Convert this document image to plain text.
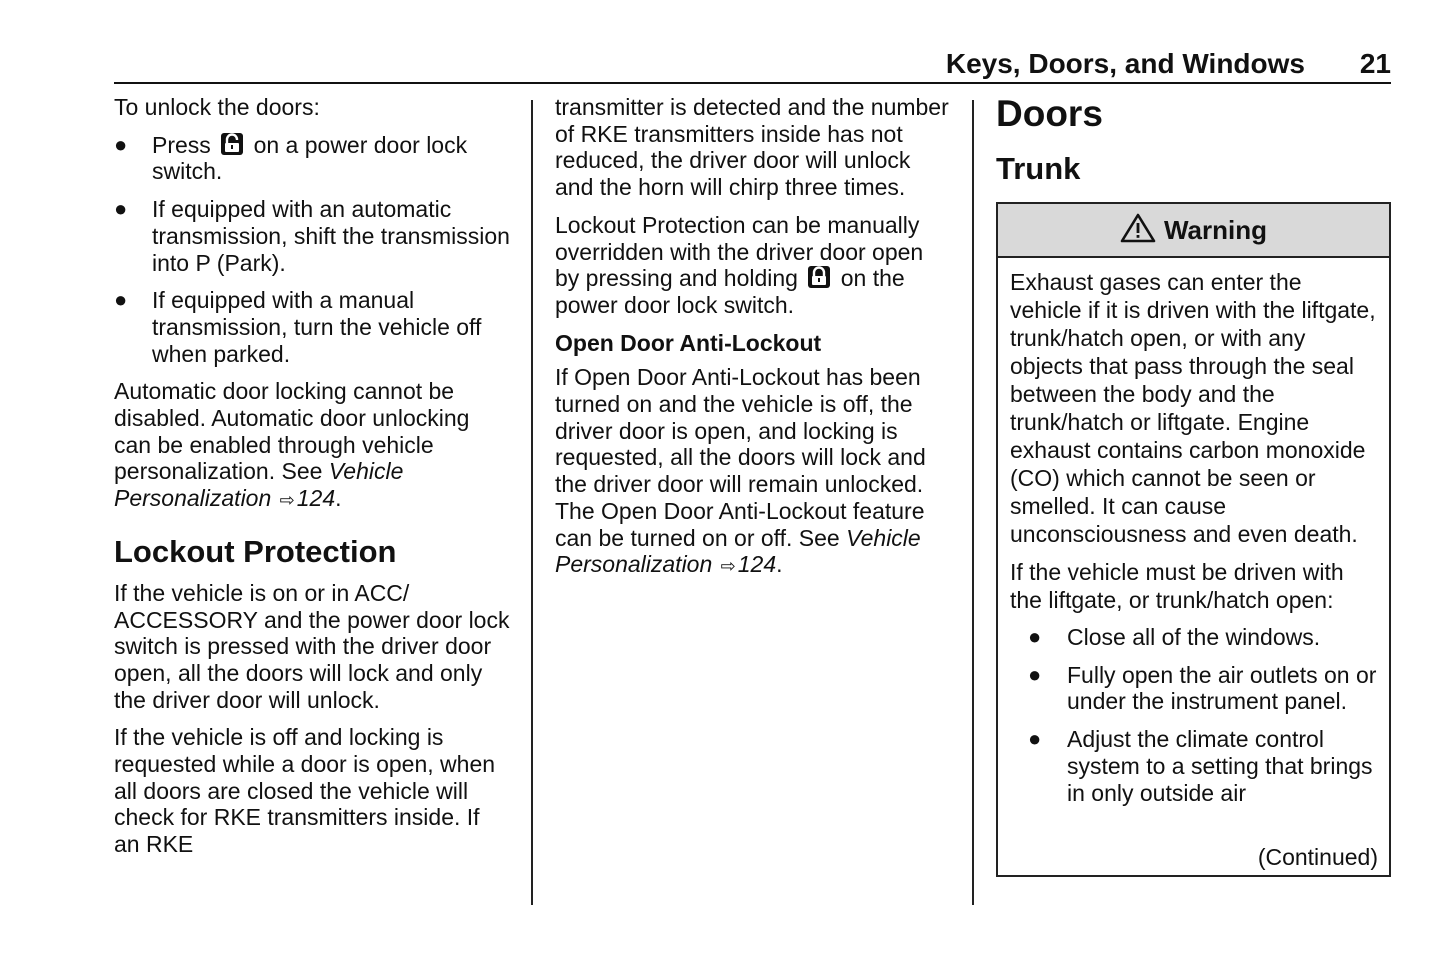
Keys, Doors, and Windows 21

To unlock the doors:

● Press on a power door lock switch.
● If equipped with an automatic transmission, shift the transmission into P (Park).
● If equipped with a manual transmission, turn the vehicle off when parked.

Automatic door locking cannot be disabled. Automatic door unlocking can be enabled through vehicle personalization. See Vehicle Personalization ⇨124.

Lockout Protection

If the vehicle is on or in ACC/ ACCESSORY and the power door lock switch is pressed with the driver door open, all the doors will lock and only the driver door will unlock.

If the vehicle is off and locking is requested while a door is open, when all doors are closed the vehicle will check for RKE transmitters inside. If an RKE

transmitter is detected and the number of RKE transmitters inside has not reduced, the driver door will unlock and the horn will chirp three times.

Lockout Protection can be manually overridden with the driver door open by pressing and holding on the power door lock switch.

Open Door Anti-Lockout

If Open Door Anti-Lockout has been turned on and the vehicle is off, the driver door is open, and locking is requested, all the doors will lock and the driver door will remain unlocked. The Open Door Anti-Lockout feature can be turned on or off. See Vehicle Personalization ⇨124.

Doors
Trunk
Warning

Exhaust gases can enter the vehicle if it is driven with the liftgate, trunk/hatch open, or with any objects that pass through the seal between the body and the trunk/hatch or liftgate. Engine exhaust contains carbon monoxide (CO) which cannot be seen or smelled. It can cause unconsciousness and even death.

If the vehicle must be driven with the liftgate, or trunk/hatch open:

● Close all of the windows.
● Fully open the air outlets on or under the instrument panel.
● Adjust the climate control system to a setting that brings in only outside air
(Continued)
